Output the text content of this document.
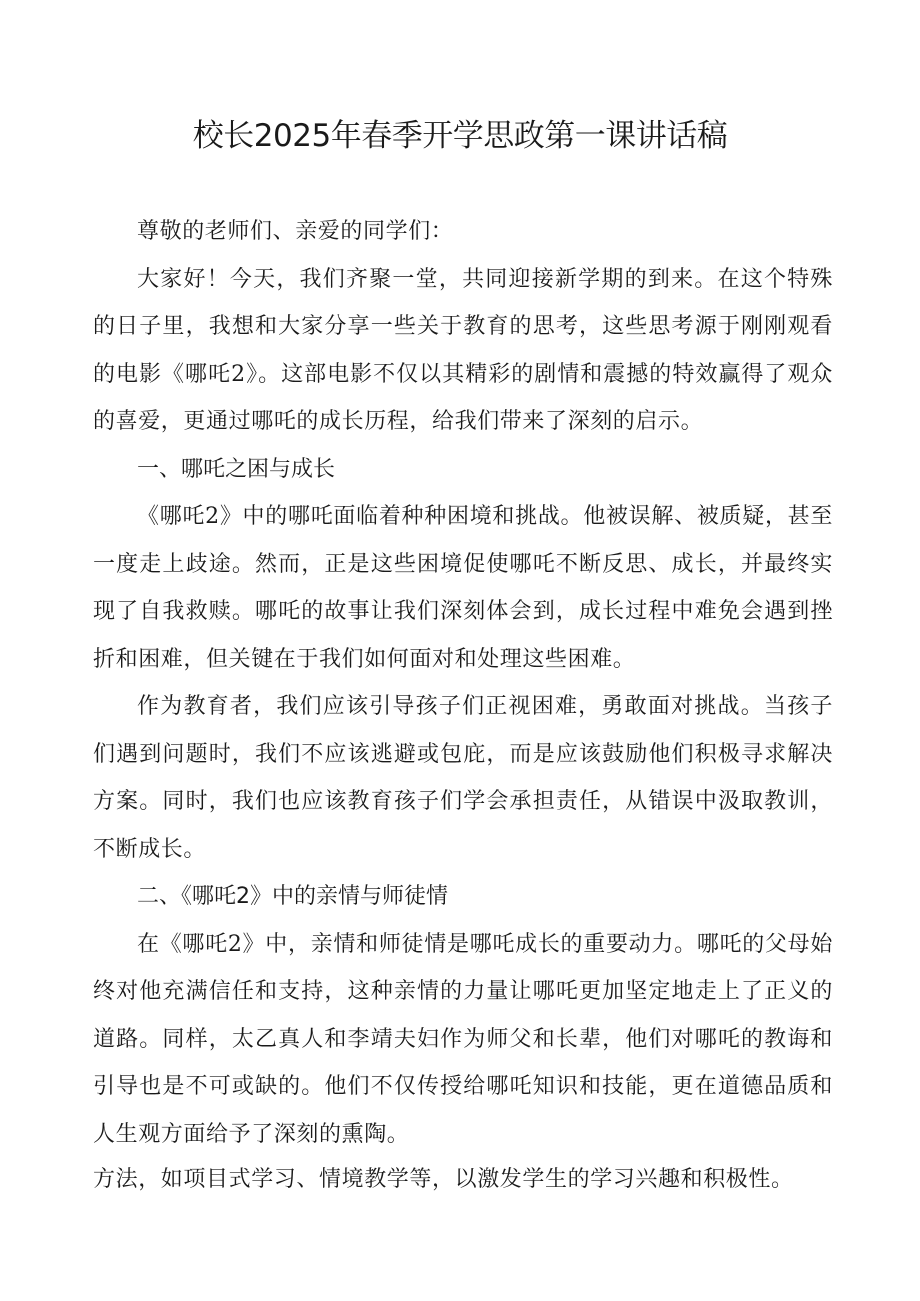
校长2025年春季开学思政第一课讲话稿

尊敬的老师们、亲爱的同学们：

大家好！今天，我们齐聚一堂，共同迎接新学期的到来。在这个特殊的日子里，我想和大家分享一些关于教育的思考，这些思考源于刚刚观看的电影《哪吒2》。这部电影不仅以其精彩的剧情和震撼的特效赢得了观众的喜爱，更通过哪吒的成长历程，给我们带来了深刻的启示。

一、哪吒之困与成长

《哪吒2》中的哪吒面临着种种困境和挑战。他被误解、被质疑，甚至一度走上歧途。然而，正是这些困境促使哪吒不断反思、成长，并最终实现了自我救赎。哪吒的故事让我们深刻体会到，成长过程中难免会遇到挫折和困难，但关键在于我们如何面对和处理这些困难。

作为教育者，我们应该引导孩子们正视困难，勇敢面对挑战。当孩子们遇到问题时，我们不应该逃避或包庇，而是应该鼓励他们积极寻求解决方案。同时，我们也应该教育孩子们学会承担责任，从错误中汲取教训，不断成长。

二、《哪吒2》中的亲情与师徒情

在《哪吒2》中，亲情和师徒情是哪吒成长的重要动力。哪吒的父母始终对他充满信任和支持，这种亲情的力量让哪吒更加坚定地走上了正义的道路。同样，太乙真人和李靖夫妇作为师父和长辈，他们对哪吒的教诲和引导也是不可或缺的。他们不仅传授给哪吒知识和技能，更在道德品质和人生观方面给予了深刻的熏陶。

方法，如项目式学习、情境教学等，以激发学生的学习兴趣和积极性。
